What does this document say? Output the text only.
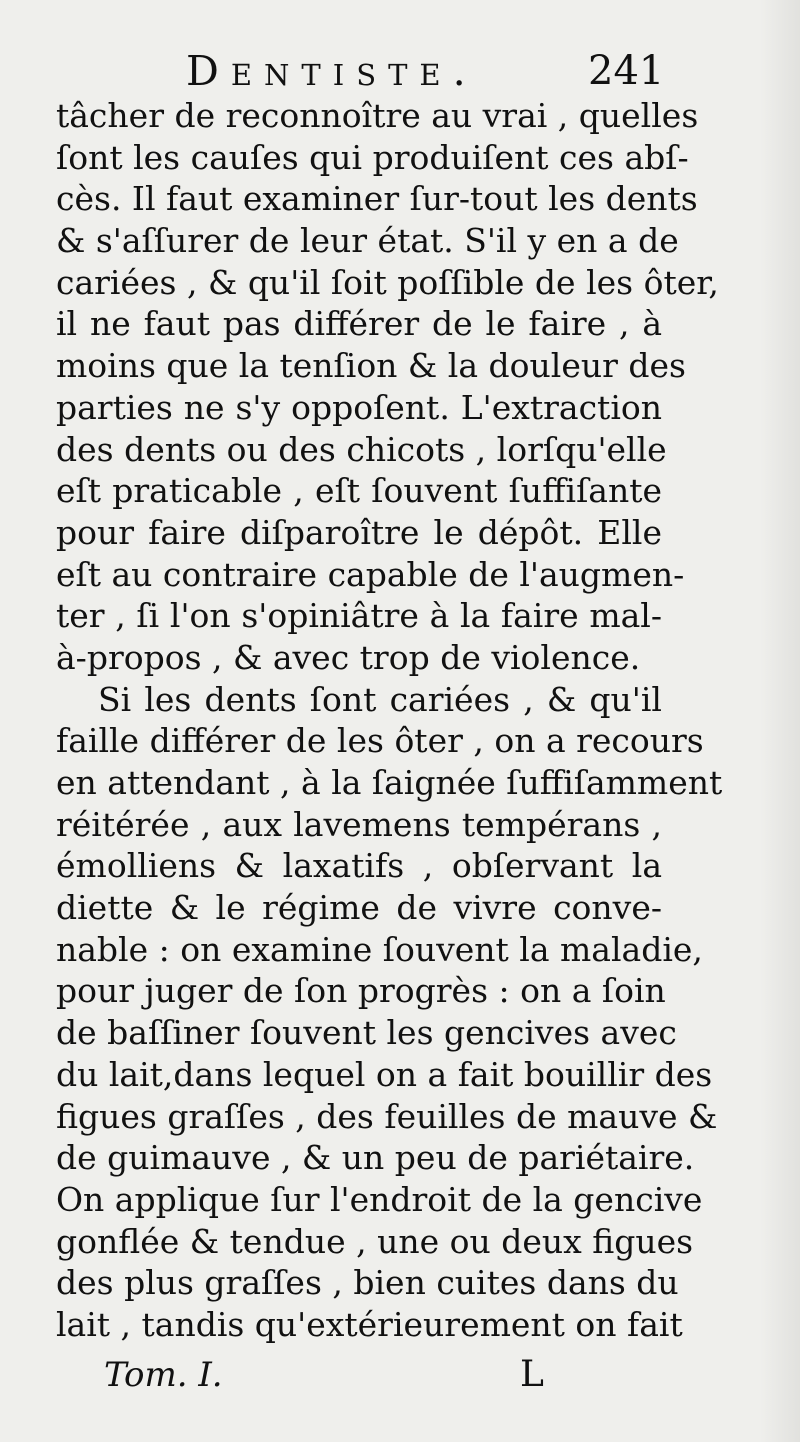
Dentiste.	241
tâcher de reconnoître au vrai , quelles
ſont les cauſes qui produiſent ces abſ-
cès. Il faut examiner ſur-tout les dents
& s'aſſurer de leur état. S'il y en a de
cariées , & qu'il ſoit poſſible de les ôter,
il ne faut pas différer de le faire , à
moins que la tenſion & la douleur des
parties ne s'y oppoſent. L'extraction
des dents ou des chicots , lorſqu'elle
eſt praticable , eſt ſouvent ſuffiſante
pour faire diſparoître le dépôt. Elle
eſt au contraire capable de l'augmen-
ter , ſi l'on s'opiniâtre à la faire mal-
à-propos , & avec trop de violence.
Si les dents ſont cariées , & qu'il
faille différer de les ôter , on a recours
en attendant , à la ſaignée ſuffiſamment
réitérée , aux lavemens tempérans ,
émolliens & laxatifs , obſervant la
diette & le régime de vivre conve-
nable : on examine ſouvent la maladie,
pour juger de ſon progrès : on a ſoin
de baſſiner ſouvent les gencives avec
du lait,dans lequel on a fait bouillir des
figues graſſes , des feuilles de mauve &
de guimauve , & un peu de pariétaire.
On applique ſur l'endroit de la gencive
gonflée & tendue , une ou deux figues
des plus graſſes , bien cuites dans du
lait , tandis qu'extérieurement on fait
Tom. I.	L
